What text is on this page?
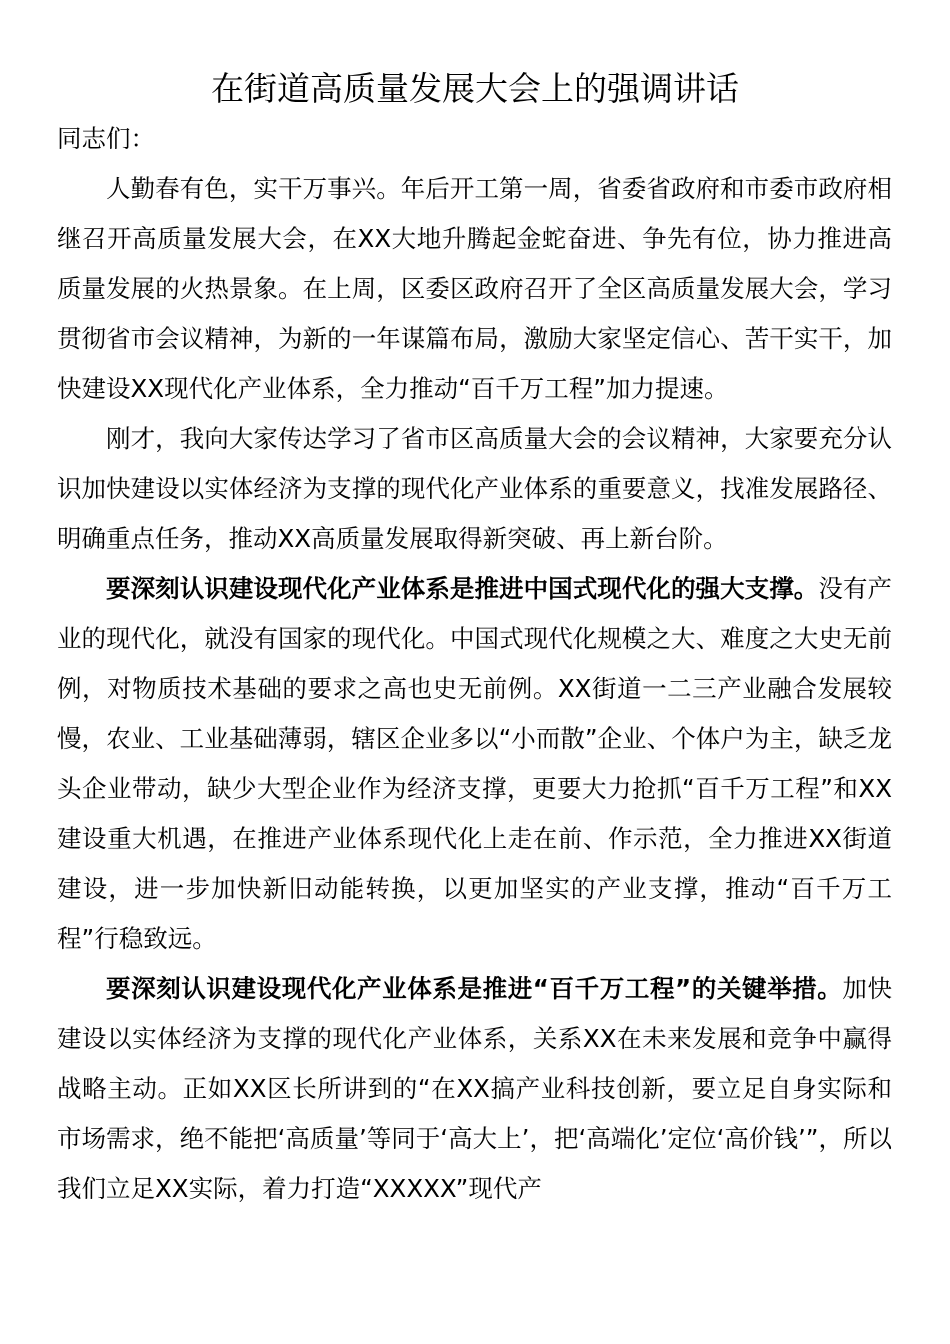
在街道高质量发展大会上的强调讲话

同志们：

人勤春有色，实干万事兴。年后开工第一周，省委省政府和市委市政府相继召开高质量发展大会，在XX大地升腾起金蛇奋进、争先有位，协力推进高质量发展的火热景象。在上周，区委区政府召开了全区高质量发展大会，学习贯彻省市会议精神，为新的一年谋篇布局，激励大家坚定信心、苦干实干，加快建设XX现代化产业体系，全力推动“百千万工程”加力提速。

刚才，我向大家传达学习了省市区高质量大会的会议精神，大家要充分认识加快建设以实体经济为支撑的现代化产业体系的重要意义，找准发展路径、明确重点任务，推动XX高质量发展取得新突破、再上新台阶。

要深刻认识建设现代化产业体系是推进中国式现代化的强大支撑。没有产业的现代化，就没有国家的现代化。中国式现代化规模之大、难度之大史无前例，对物质技术基础的要求之高也史无前例。XX街道一二三产业融合发展较慢，农业、工业基础薄弱，辖区企业多以“小而散”企业、个体户为主，缺乏龙头企业带动，缺少大型企业作为经济支撑，更要大力抢抓“百千万工程”和XX建设重大机遇，在推进产业体系现代化上走在前、作示范，全力推进XX街道建设，进一步加快新旧动能转换，以更加坚实的产业支撑，推动“百千万工程”行稳致远。

要深刻认识建设现代化产业体系是推进“百千万工程”的关键举措。加快建设以实体经济为支撑的现代化产业体系，关系XX在未来发展和竞争中赢得战略主动。正如XX区长所讲到的“在XX搞产业科技创新，要立足自身实际和市场需求，绝不能把‘高质量’等同于‘高大上’，把‘高端化’定位‘高价钱’”，所以我们立足XX实际，着力打造“XXXXX”现代产
